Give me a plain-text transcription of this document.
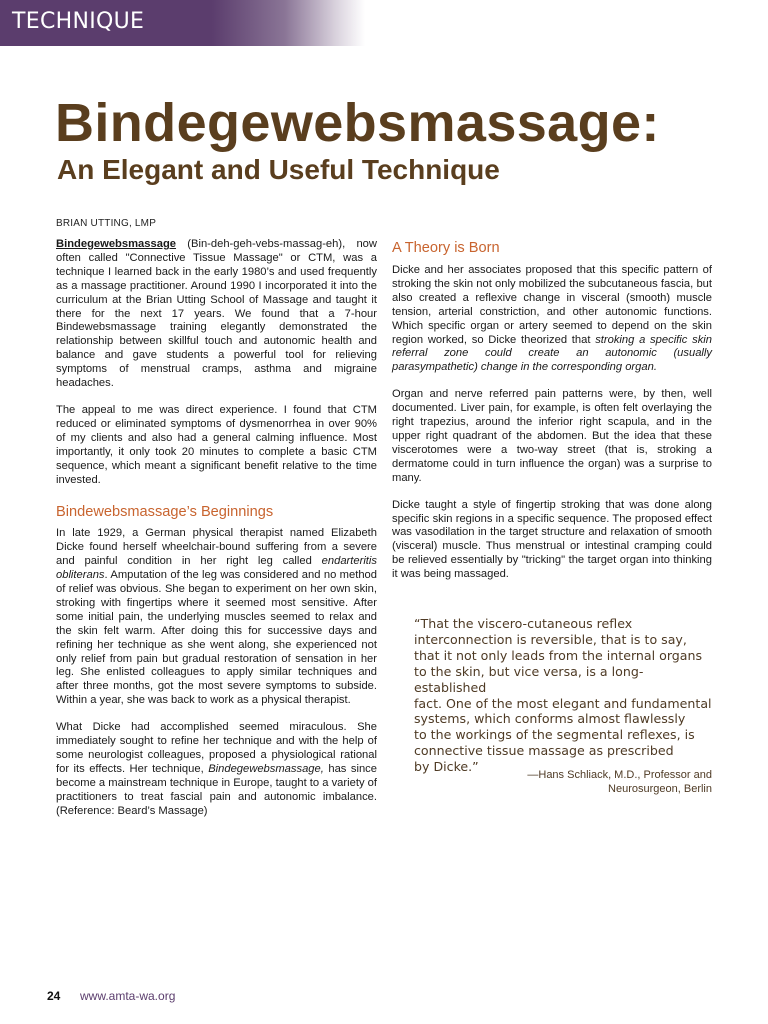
TECHNIQUE
Bindegewebsmassage:
An Elegant and Useful Technique
BRIAN UTTING, LMP

Bindegewebsmassage (Bin-deh-geh-vebs-massag-eh), now often called "Connective Tissue Massage" or CTM, was a technique I learned back in the early 1980’s and used frequently as a massage practitioner. Around 1990 I incorporated it into the curriculum at the Brian Utting School of Massage and taught it there for the next 17 years. We found that a 7-hour Bindewebsmassage training elegantly demonstrated the relationship between skillful touch and autonomic health and balance and gave students a powerful tool for relieving symptoms of menstrual cramps, asthma and migraine headaches.

The appeal to me was direct experience. I found that CTM reduced or eliminated symptoms of dysmenorrhea in over 90% of my clients and also had a general calming influence. Most importantly, it only took 20 minutes to complete a basic CTM sequence, which meant a significant benefit relative to the time invested.

Bindewebsmassage’s Beginnings

In late 1929, a German physical therapist named Elizabeth Dicke found herself wheelchair-bound suffering from a severe and painful condition in her right leg called endarteritis obliterans. Amputation of the leg was considered and no method of relief was obvious. She began to experiment on her own skin, stroking with fingertips where it seemed most sensitive. After some initial pain, the underlying muscles seemed to relax and the skin felt warm. After doing this for successive days and refining her technique as she went along, she experienced not only relief from pain but gradual restoration of sensation in her leg. She enlisted colleagues to apply similar techniques and after three months, got the most severe symptoms to subside. Within a year, she was back to work as a physical therapist.

What Dicke had accomplished seemed miraculous. She immediately sought to refine her technique and with the help of some neurologist colleagues, proposed a physiological rational for its effects. Her technique, Bindegewebsmassage, has since become a mainstream technique in Europe, taught to a variety of practitioners to treat fascial pain and autonomic imbalance. (Reference: Beard’s Massage)

A Theory is Born

Dicke and her associates proposed that this specific pattern of stroking the skin not only mobilized the subcutaneous fascia, but also created a reflexive change in visceral (smooth) muscle tension, arterial constriction, and other autonomic functions. Which specific organ or artery seemed to depend on the skin region worked, so Dicke theorized that stroking a specific skin referral zone could create an autonomic (usually parasympathetic) change in the corresponding organ.

Organ and nerve referred pain patterns were, by then, well documented. Liver pain, for example, is often felt overlaying the right trapezius, around the inferior right scapula, and in the upper right quadrant of the abdomen. But the idea that these viscerotomes were a two-way street (that is, stroking a dermatome could in turn influence the organ) was a surprise to many.

Dicke taught a style of fingertip stroking that was done along specific skin regions in a specific sequence. The proposed effect was vasodilation in the target structure and relaxation of smooth (visceral) muscle. Thus menstrual or intestinal cramping could be relieved essentially by "tricking" the target organ into thinking it was being massaged.

“That the viscero-cutaneous reflex
interconnection is reversible, that is to say,
that it not only leads from the internal organs
to the skin, but vice versa, is a long-established
fact. One of the most elegant and fundamental
systems, which conforms almost flawlessly
to the workings of the segmental reflexes, is
connective tissue massage as prescribed
by Dicke.”
—Hans Schliack, M.D., Professor and
Neurosurgeon, Berlin
24 www.amta-wa.org
